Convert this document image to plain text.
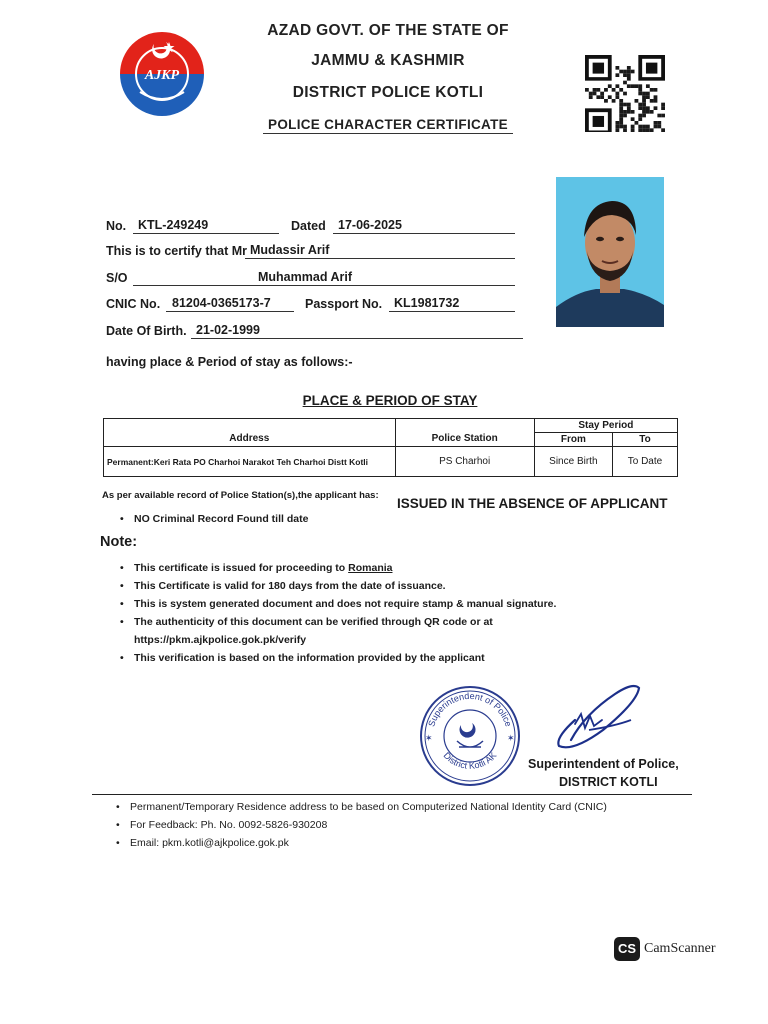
AJKP
AZAD GOVT. OF THE STATE OF
JAMMU & KASHMIR
DISTRICT POLICE KOTLI
POLICE CHARACTER CERTIFICATE
No. KTL-249249	Dated 17-06-2025
This is to certify that Mr Mudassir Arif
S/O	Muhammad Arif
CNIC No. 81204-0365173-7	Passport No. KL1981732
Date Of Birth. 21-02-1999
having place & Period of stay as follows:-
PLACE & PERIOD OF STAY
Address	Police Station	Stay Period	
		From	To
Permanent:Keri Rata PO Charhoi Narakot Teh Charhoi Distt Kotli	PS Charhoi	Since Birth	To Date
As per available record of Police Station(s),the applicant has:
ISSUED IN THE ABSENCE OF APPLICANT
• NO Criminal Record Found till date
Note:
• This certificate is issued for proceeding to Romania
• This Certificate is valid for 180 days from the date of issuance.
• This is system generated document and does not require stamp & manual signature.
• The authenticity of this document can be verified through QR code or at
https://pkm.ajkpolice.gok.pk/verify
• This verification is based on the information provided by the applicant
Superintendent of Police
District Kotli AK
✶	✶
Superintendent of Police,
DISTRICT KOTLI
• Permanent/Temporary Residence address to be based on Computerized National Identity Card (CNIC)
• For Feedback: Ph. No. 0092-5826-930208
• Email: pkm.kotli@ajkpolice.gok.pk
CS CamScanner
